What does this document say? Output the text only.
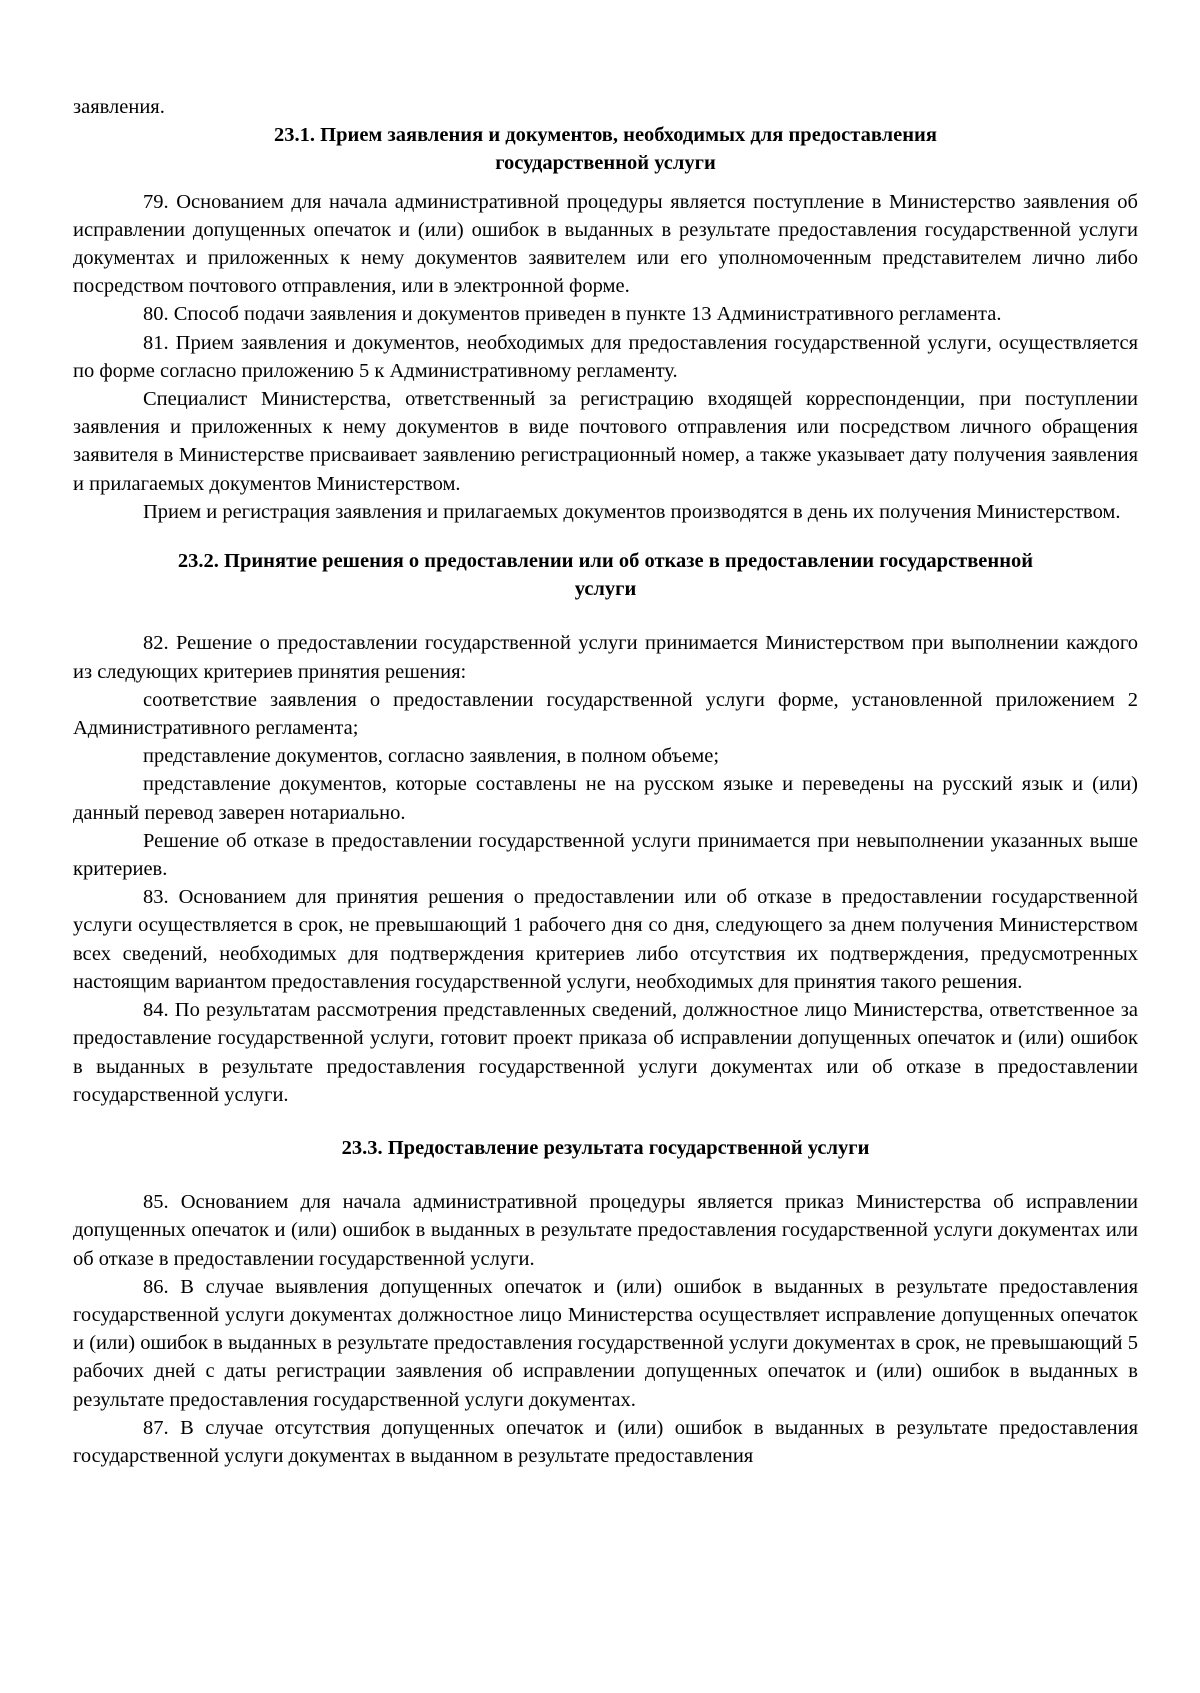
заявления.

23.1. Прием заявления и документов, необходимых для предоставления
государственной услуги

79. Основанием для начала административной процедуры является поступление в Министерство заявления об исправлении допущенных опечаток и (или) ошибок в выданных в результате предоставления государственной услуги документах и приложенных к нему документов заявителем или его уполномоченным представителем лично либо посредством почтового отправления, или в электронной форме.

80. Способ подачи заявления и документов приведен в пункте 13 Административного регламента.

81. Прием заявления и документов, необходимых для предоставления государственной услуги, осуществляется по форме согласно приложению 5 к Административному регламенту.

Специалист Министерства, ответственный за регистрацию входящей корреспонденции, при поступлении заявления и приложенных к нему документов в виде почтового отправления или посредством личного обращения заявителя в Министерстве присваивает заявлению регистрационный номер, а также указывает дату получения заявления и прилагаемых документов Министерством.

Прием и регистрация заявления и прилагаемых документов производятся в день их получения Министерством.

23.2. Принятие решения о предоставлении или об отказе в предоставлении государственной
услуги

82. Решение о предоставлении государственной услуги принимается Министерством при выполнении каждого из следующих критериев принятия решения:

соответствие заявления о предоставлении государственной услуги форме, установленной приложением 2 Административного регламента;

представление документов, согласно заявления, в полном объеме;

представление документов, которые составлены не на русском языке и переведены на русский язык и (или) данный перевод заверен нотариально.

Решение об отказе в предоставлении государственной услуги принимается при невыполнении указанных выше критериев.

83. Основанием для принятия решения о предоставлении или об отказе в предоставлении государственной услуги осуществляется в срок, не превышающий 1 рабочего дня со дня, следующего за днем получения Министерством всех сведений, необходимых для подтверждения критериев либо отсутствия их подтверждения, предусмотренных настоящим вариантом предоставления государственной услуги, необходимых для принятия такого решения.

84. По результатам рассмотрения представленных сведений, должностное лицо Министерства, ответственное за предоставление государственной услуги, готовит проект приказа об исправлении допущенных опечаток и (или) ошибок в выданных в результате предоставления государственной услуги документах или об отказе в предоставлении государственной услуги.

23.3. Предоставление результата государственной услуги

85. Основанием для начала административной процедуры является приказ Министерства об исправлении допущенных опечаток и (или) ошибок в выданных в результате предоставления государственной услуги документах или об отказе в предоставлении государственной услуги.

86. В случае выявления допущенных опечаток и (или) ошибок в выданных в результате предоставления государственной услуги документах должностное лицо Министерства осуществляет исправление допущенных опечаток и (или) ошибок в выданных в результате предоставления государственной услуги документах в срок, не превышающий 5 рабочих дней с даты регистрации заявления об исправлении допущенных опечаток и (или) ошибок в выданных в результате предоставления государственной услуги документах.

87. В случае отсутствия допущенных опечаток и (или) ошибок в выданных в результате предоставления государственной услуги документах в выданном в результате предоставления
